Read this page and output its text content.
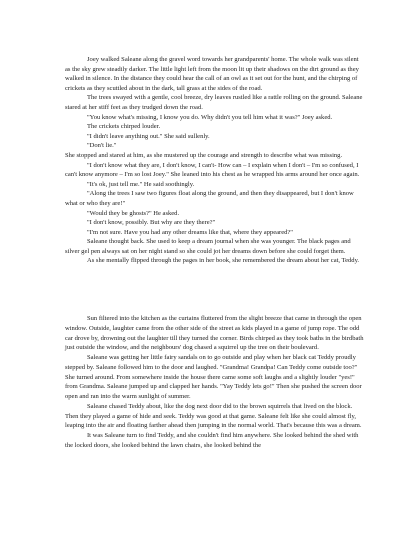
Joey walked Saleane along the gravel word towards her grandparents' home. The whole walk was silent as the sky grew steadily darker. The little light left from the moon lit up their shadows on the dirt ground as they walked in silence. In the distance they could hear the call of an owl as it set out for the hunt, and the chirping of crickets as they scuttled about in the dark, tall grass at the sides of the road.

The trees swayed with a gentle, cool breeze, dry leaves rustled like a rattle rolling on the ground. Saleane stared at her stiff feet as they trudged down the road.

"You know what's missing, I know you do. Why didn't you tell him what it was?" Joey asked.

The crickets chirped louder.

"I didn't leave anything out." She said sullenly.

"Don't lie."

She stopped and stared at him, as she mustered up the courage and strength to describe what was missing.

"I don't know what they are, I don't know, I can't- How can – I explain when I don't – I'm so confused, I can't know anymore – I'm so lost Joey." She leaned into his chest as he wrapped his arms around her once again.

"It's ok, just tell me." He said soothingly.

"Along the trees I saw two figures float along the ground, and then they disappeared, but I don't know what or who they are!"

"Would they be ghosts?" He asked.

"I don't know, possibly. But why are they there?"

"I'm not sure. Have you had any other dreams like that, where they appeared?"

Saleane thought back. She used to keep a dream journal when she was younger. The black pages and silver gel pen always sat on her night stand so she could jot her dreams down before she could forget them.

As she mentally flipped through the pages in her book, she remembered the dream about her cat, Teddy.

Sun filtered into the kitchen as the curtains fluttered from the slight breeze that came in through the open window. Outside, laughter came from the other side of the street as kids played in a game of jump rope. The odd car drove by, drowning out the laughter till they turned the corner. Birds chirped as they took baths in the birdbath just outside the window, and the neighbours' dog chased a squirrel up the tree on their boulevard.

Saleane was getting her little fairy sandals on to go outside and play when her black cat Teddy proudly stepped by. Saleane followed him to the door and laughed. "Grandma! Grandpa! Can Teddy come outside too?" She turned around. From somewhere inside the house there came some soft laughs and a slightly louder "yes!" from Grandma. Saleane jumped up and clapped her hands. "Yay Teddy lets go!" Then she pushed the screen door open and ran into the warm sunlight of summer.

Saleane chased Teddy about, like the dog next door did to the brown squirrels that lived on the block. Then they played a game of hide and seek. Teddy was good at that game. Saleane felt like she could almost fly, leaping into the air and floating farther ahead then jumping in the normal world. That's because this was a dream.

It was Saleane turn to find Teddy, and she couldn't find him anywhere. She looked behind the shed with the locked doors, she looked behind the lawn chairs, she looked behind the
